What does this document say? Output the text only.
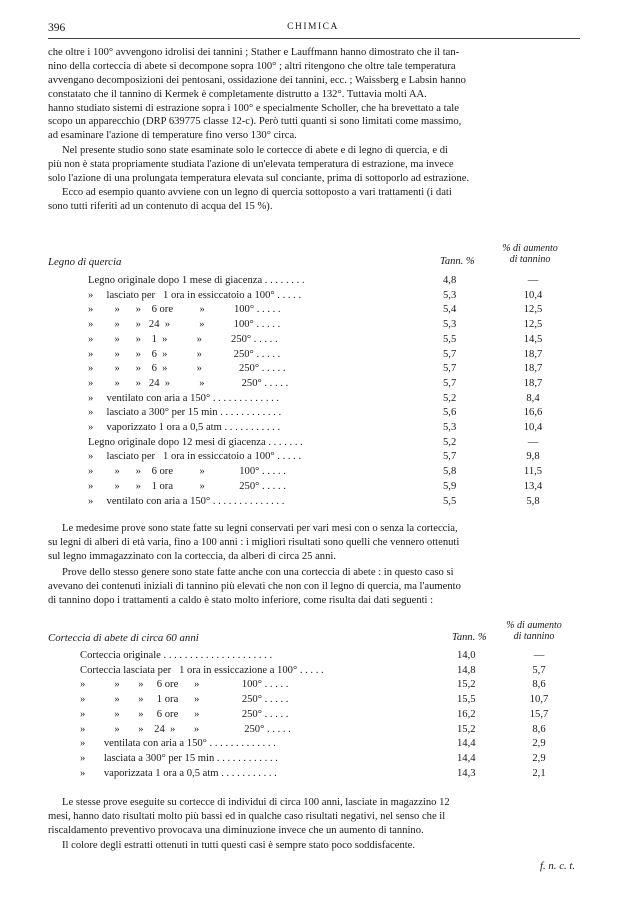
396	CHIMICA
che oltre i 100° avvengono idrolisi dei tannini ; Stather e Lauffmann hanno dimostrato che il tan-
nino della corteccia di abete si decompone sopra 100° ; altri ritengono che oltre tale temperatura
avvengano decomposizioni dei pentosani, ossidazione dei tannini, ecc. ; Waissberg e Labsin hanno
constatato che il tannino di Kermek è completamente distrutto a 132°. Tuttavia molti AA.
hanno studiato sistemi di estrazione sopra i 100° e specialmente Scholler, che ha brevettato a tale
scopo un apparecchio (DRP 639775 classe 12-c). Però tutti quanti si sono limitati come massimo,
ad esaminare l'azione di temperature fino verso 130° circa.
Nel presente studio sono state esaminate solo le cortecce di abete e di legno di quercia, e di
più non è stata propriamente studiata l'azione di un'elevata temperatura di estrazione, ma invece
solo l'azione di una prolungata temperatura elevata sul conciante, prima di sottoporlo ad estrazione.
Ecco ad esempio quanto avviene con un legno di quercia sottoposto a vari trattamenti (i dati
sono tutti riferiti ad un contenuto di acqua del 15 %).
Legno di quercia	Tann. %
% di aumento
di tannino
Legno originale dopo 1 mese di giacenza . . . . . . . .	4,8	—
»     lasciato per   1 ora in essiccatoio a 100° . . . . .	5,3	10,4
»        »      »    6 ore          »           100° . . . . .	5,4	12,5
»        »      »   24  »           »           100° . . . . .	5,3	12,5
»        »      »    1  »           »           250° . . . . .	5,5	14,5
»        »      »    6  »           »            250° . . . . .	5,7	18,7
»        »      »    6  »           »              250° . . . . .	5,7	18,7
»        »      »   24  »           »              250° . . . . .	5,7	18,7
»     ventilato con aria a 150° . . . . . . . . . . . . .	5,2	8,4
»     lasciato a 300° per 15 min . . . . . . . . . . . .	5,6	16,6
»     vaporizzato 1 ora a 0,5 atm . . . . . . . . . . .	5,3	10,4
Legno originale dopo 12 mesi di giacenza . . . . . . .	5,2	—
»     lasciato per   1 ora in essiccatoio a 100° . . . . .	5,7	9,8
»        »      »    6 ore          »             100° . . . . .	5,8	11,5
»        »      »    1 ora          »             250° . . . . .	5,9	13,4
»     ventilato con aria a 150° . . . . . . . . . . . . . .	5,5	5,8
Le medesime prove sono state fatte su legni conservati per vari mesi con o senza la corteccia,
su legni di alberi di età varia, fino a 100 anni : i migliori risultati sono quelli che vennero ottenuti
sul legno immagazzinato con la corteccia, da alberi di circa 25 anni.
Prove dello stesso genere sono state fatte anche con una corteccia di abete : in questo caso si
avevano dei contenuti iniziali di tannino più elevati che non con il legno di quercia, ma l'aumento
di tannino dopo i trattamenti a caldo è stato molto inferiore, come risulta dai dati seguenti :
Corteccia di abete di circa 60 anni	Tann. %
% di aumento
di tannino
Corteccia originale . . . . . . . . . . . . . . . . . . . . .	14,0	—
Corteccia lasciata per   1 ora in essiccazione a 100° . . . . .	14,8	5,7
»           »       »     6 ore      »                100° . . . . .	15,2	8,6
»           »       »     1 ora      »                250° . . . . .	15,5	10,7
»           »       »     6 ore      »                250° . . . . .	16,2	15,7
»           »       »    24  »       »                 250° . . . . .	15,2	8,6
»       ventilata con aria a 150° . . . . . . . . . . . . .	14,4	2,9
»       lasciata a 300° per 15 min . . . . . . . . . . . .	14,4	2,9
»       vaporizzata 1 ora a 0,5 atm . . . . . . . . . . .	14,3	2,1
Le stesse prove eseguite su cortecce di individui di circa 100 anni, lasciate in magazzino 12
mesi, hanno dato risultati molto più bassi ed in qualche caso risultati negativi, nel senso che il
riscaldamento preventivo provocava una diminuzione invece che un aumento di tannino.
Il colore degli estratti ottenuti in tutti questi casi è sempre stato poco soddisfacente.
f. n. c. t.
